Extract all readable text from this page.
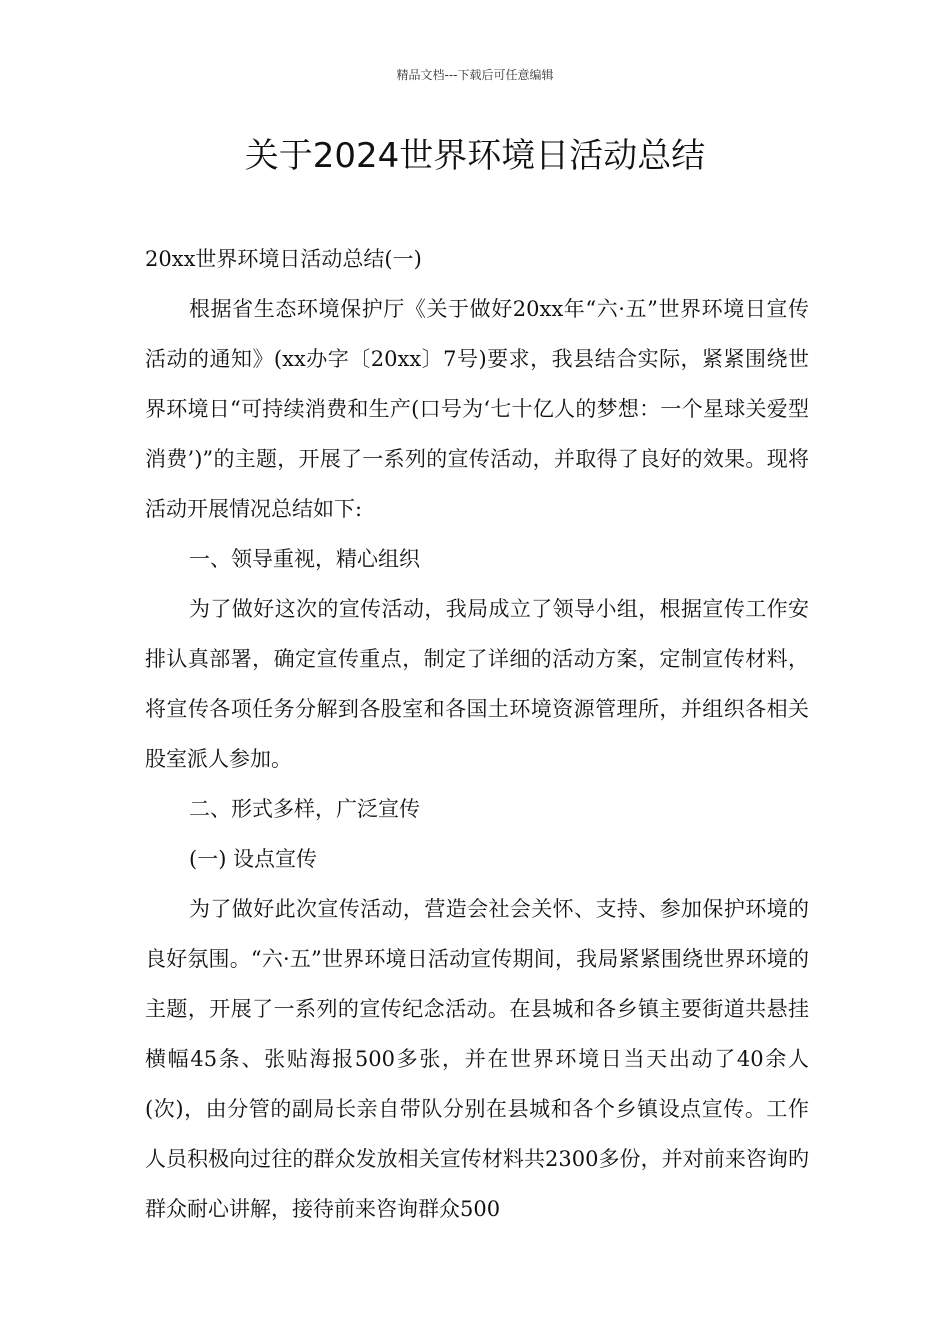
精品文档---下载后可任意编辑
关于2024世界环境日活动总结

20xx世界环境日活动总结(一)

根据省生态环境保护厅《关于做好20xx年“六·五”世界环境日宣传活动的通知》(xx办字〔20xx〕7号)要求，我县结合实际，紧紧围绕世界环境日“可持续消费和生产(口号为‘七十亿人的梦想：一个星球关爱型消费’)”的主题，开展了一系列的宣传活动，并取得了良好的效果。现将活动开展情况总结如下:

一、领导重视，精心组织

为了做好这次的宣传活动，我局成立了领导小组，根据宣传工作安排认真部署，确定宣传重点，制定了详细的活动方案，定制宣传材料，将宣传各项任务分解到各股室和各国土环境资源管理所，并组织各相关股室派人参加。

二、形式多样，广泛宣传

(一) 设点宣传

为了做好此次宣传活动，营造会社会关怀、支持、参加保护环境的良好氛围。“六·五”世界环境日活动宣传期间，我局紧紧围绕世界环境的主题，开展了一系列的宣传纪念活动。在县城和各乡镇主要街道共悬挂横幅45条、张贴海报500多张，并在世界环境日当天出动了40余人(次)，由分管的副局长亲自带队分别在县城和各个乡镇设点宣传。工作人员积极向过往的群众发放相关宣传材料共2300多份，并对前来咨询旳群众耐心讲解，接待前来咨询群众500
